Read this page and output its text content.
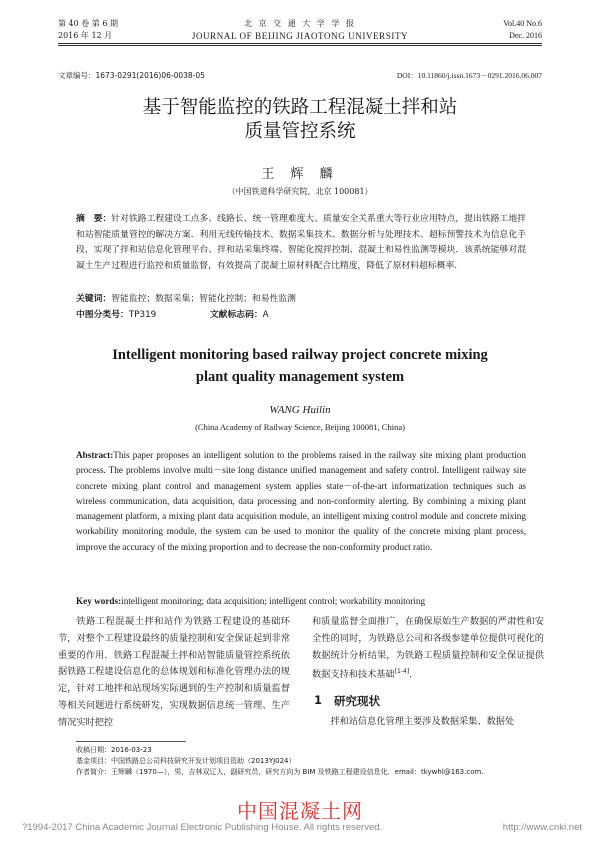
第 40 卷 第 6 期
2016 年 12 月
北 京 交 通 大 学 学 报
JOURNAL OF BEIJING JIAOTONG UNIVERSITY
Vol.40 No.6
Dec. 2016
文章编号：1673-0291(2016)06-0038-05	DOI：10.11860/j.issn.1673－0291.2016.06.007
基于智能监控的铁路工程混凝土拌和站
质量管控系统
王 辉 麟
（中国铁道科学研究院，北京 100081）
摘　要：针对铁路工程建设工点多、线路长、统一管理难度大、质量安全关系重大等行业应用特点，提出铁路工地拌和站智能质量管控的解决方案．利用无线传输技术、数据采集技术、数据分析与处理技术、超标预警技术为信息化手段，实现了拌和站信息化管理平台、拌和站采集终端、智能化搅拌控制、混凝土和易性监测等模块．该系统能够对混凝土生产过程进行监控和质量监督，有效提高了混凝土原材料配合比精度，降低了原材料超标概率．
关键词：智能监控；数据采集；智能化控制；和易性监测
中图分类号：TP319	文献标志码：A
Intelligent monitoring based railway project concrete mixing
plant quality management system
WANG Huilin
(China Academy of Railway Science, Beijing 100081, China)
Abstract:This paper proposes an intelligent solution to the problems raised in the railway site mixing plant production process. The problems involve multi－site long distance unified management and safety control. Intelligent railway site concrete mixing plant control and management system applies state－of-the-art informatization techniques such as wireless communication, data acquisition, data processing and non-conformity alerting. By combining a mixing plant management platform, a mixing plant data acquisition module, an intelligent mixing control module and concrete mixing workability monitoring module, the system can be used to monitor the quality of the concrete mixing plant process, improve the accuracy of the mixing proportion and to decrease the non-conformity product ratio.
Key words:intelligent monitoring; data acquisition; intelligent control; workability monitoring
铁路工程混凝土拌和站作为铁路工程建设的基础环节，对整个工程建设最终的质量控制和安全保证起到非常重要的作用．铁路工程混凝土拌和站智能质量管控系统依据铁路工程建设信息化的总体规划和标准化管理办法的规定，针对工地拌和站现场实际遇到的生产控制和质量监督等相关问题进行系统研发，实现数据信息统一管理、生产情况实时把控
和质量监督全面推广，在确保原始生产数据的严肃性和安全性的同时，为铁路总公司和各级参建单位提供可视化的数据统计分析结果，为铁路工程质量控制和安全保证提供数据支持和技术基础[1-4]．
1 研究现状
拌和站信息化管理主要涉及数据采集、数据处
收稿日期：2016-03-23
基金项目：中国铁路总公司科技研究开发计划项目资助（2013YJ024）
作者简介：王辉麟（1970—），男，吉林双辽人，副研究员．研究方向为 BIM 及铁路工程建设信息化．email：tkywhl@163.com.
中国混凝土网
?1994-2017 China Academic Journal Electronic Publishing House. All rights reserved.	http://www.cnki.net
